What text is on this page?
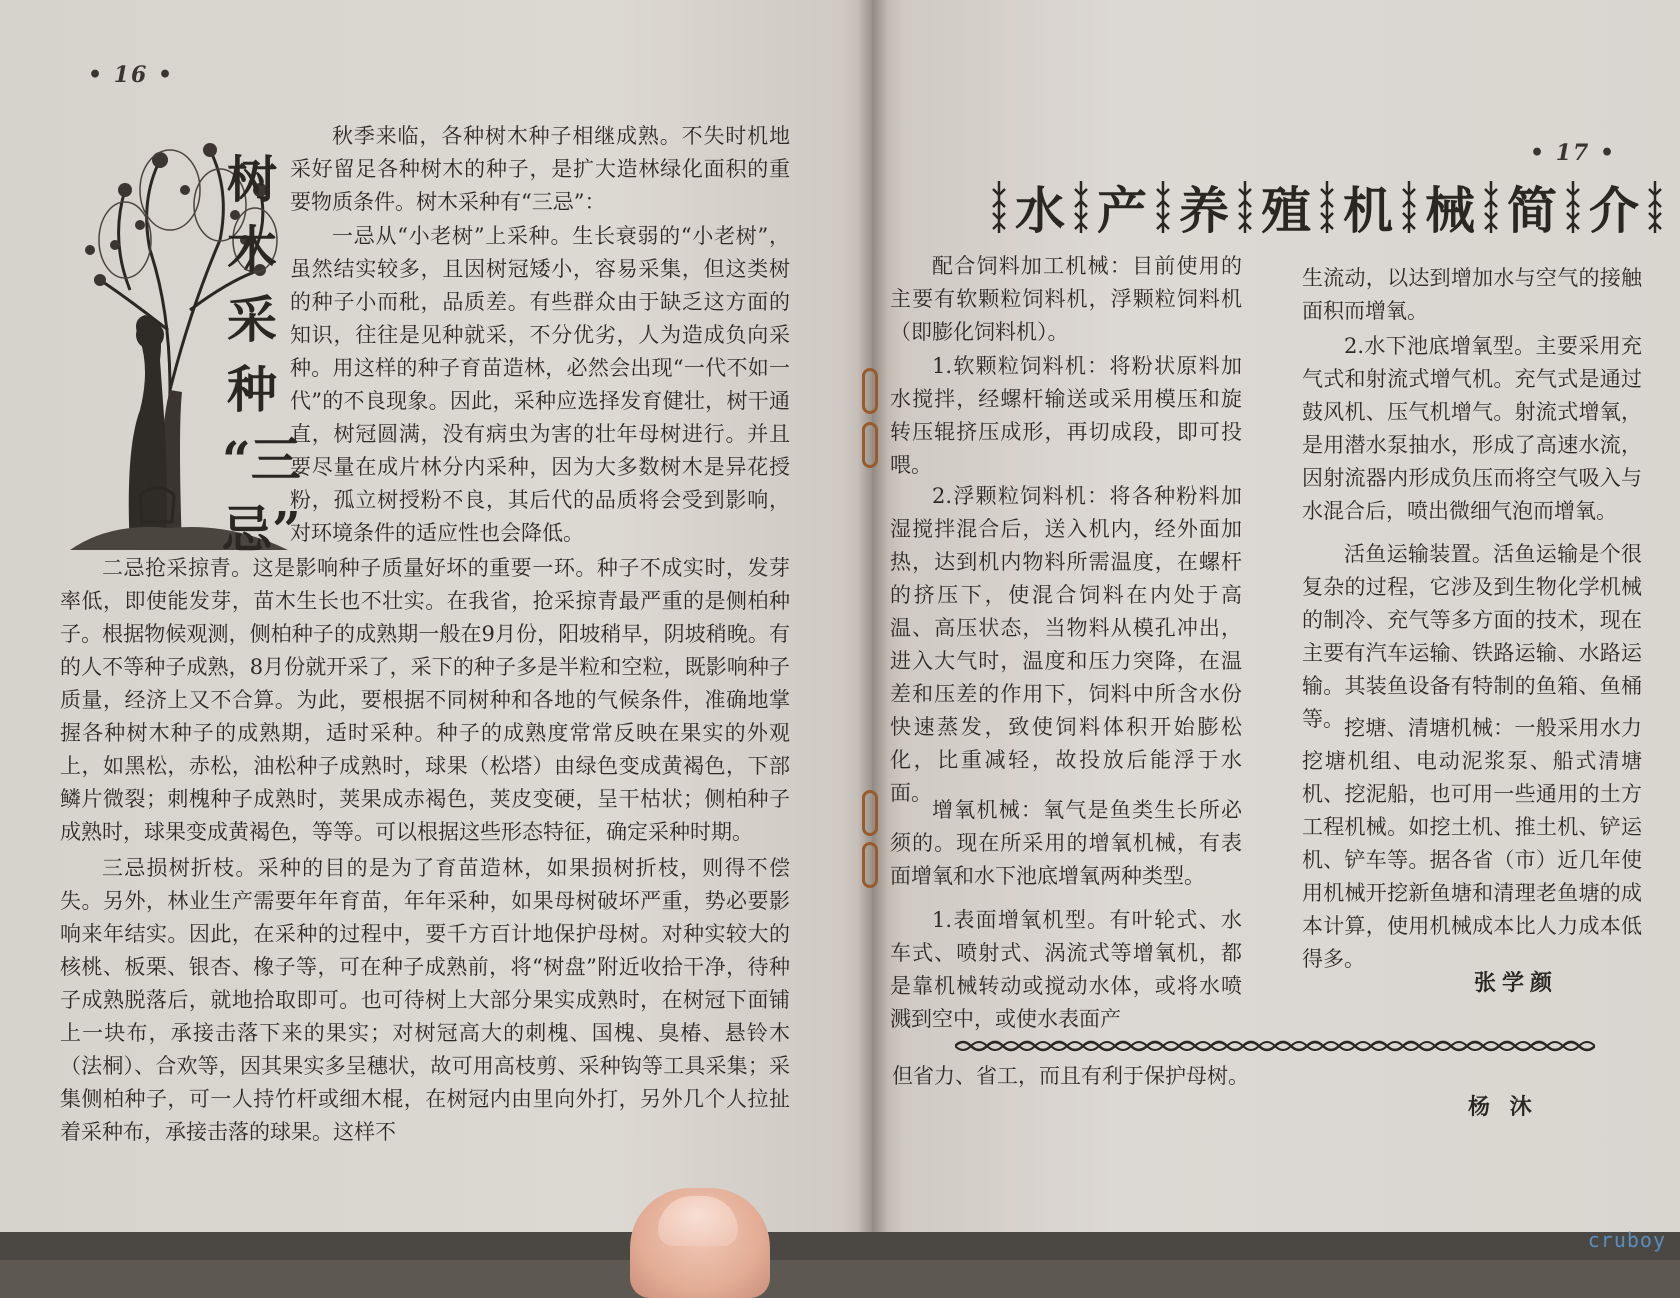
• 16 •
树
木
采
种
“三
忌”

秋季来临，各种树木种子相继成熟。不失时机地采好留足各种树木的种子，是扩大造林绿化面积的重要物质条件。树木采种有“三忌”：

一忌从“小老树”上采种。生长衰弱的“小老树”，虽然结实较多，且因树冠矮小，容易采集，但这类树的种子小而秕，品质差。有些群众由于缺乏这方面的知识，往往是见种就采，不分优劣，人为造成负向采种。用这样的种子育苗造林，必然会出现“一代不如一代”的不良现象。因此，采种应选择发育健壮，树干通直，树冠圆满，没有病虫为害的壮年母树进行。并且要尽量在成片林分内采种，因为大多数树木是异花授粉，孤立树授粉不良，其后代的品质将会受到影响，对环境条件的适应性也会降低。

二忌抢采掠青。这是影响种子质量好坏的重要一环。种子不成实时，发芽率低，即使能发芽，苗木生长也不壮实。在我省，抢采掠青最严重的是侧柏种子。根据物候观测，侧柏种子的成熟期一般在9月份，阳坡稍早，阴坡稍晚。有的人不等种子成熟，8月份就开采了，采下的种子多是半粒和空粒，既影响种子质量，经济上又不合算。为此，要根据不同树种和各地的气候条件，准确地掌握各种树木种子的成熟期，适时采种。种子的成熟度常常反映在果实的外观上，如黑松，赤松，油松种子成熟时，球果（松塔）由绿色变成黄褐色，下部鳞片微裂；刺槐种子成熟时，荚果成赤褐色，荚皮变硬，呈干枯状；侧柏种子成熟时，球果变成黄褐色，等等。可以根据这些形态特征，确定采种时期。

三忌损树折枝。采种的目的是为了育苗造林，如果损树折枝，则得不偿失。另外，林业生产需要年年育苗，年年采种，如果母树破坏严重，势必要影响来年结实。因此，在采种的过程中，要千方百计地保护母树。对种实较大的核桃、板栗、银杏、橡子等，可在种子成熟前，将“树盘”附近收拾干净，待种子成熟脱落后，就地拾取即可。也可待树上大部分果实成熟时，在树冠下面铺上一块布，承接击落下来的果实；对树冠高大的刺槐、国槐、臭椿、悬铃木（法桐）、合欢等，因其果实多呈穗状，故可用高枝剪、采种钩等工具采集；采集侧柏种子，可一人持竹杆或细木棍，在树冠内由里向外打，另外几个人拉扯着采种布，承接击落的球果。这样不

• 17 •

配合饲料加工机械：目前使用的主要有软颗粒饲料机，浮颗粒饲料机（即膨化饲料机）。

1.软颗粒饲料机：将粉状原料加水搅拌，经螺杆输送或采用模压和旋转压辊挤压成形，再切成段，即可投喂。

2.浮颗粒饲料机：将各种粉料加湿搅拌混合后，送入机内，经外面加热，达到机内物料所需温度，在螺杆的挤压下，使混合饲料在内处于高温、高压状态，当物料从模孔冲出，进入大气时，温度和压力突降，在温差和压差的作用下，饲料中所含水份快速蒸发，致使饲料体积开始膨松化，比重减轻，故投放后能浮于水面。

增氧机械：氧气是鱼类生长所必须的。现在所采用的增氧机械，有表面增氧和水下池底增氧两种类型。

1.表面增氧机型。有叶轮式、水车式、喷射式、涡流式等增氧机，都是靠机械转动或搅动水体，或将水喷溅到空中，或使水表面产

生流动，以达到增加水与空气的接触面积而增氧。

2.水下池底增氧型。主要采用充气式和射流式增气机。充气式是通过鼓风机、压气机增气。射流式增氧，是用潜水泵抽水，形成了高速水流，因射流器内形成负压而将空气吸入与水混合后，喷出微细气泡而增氧。

活鱼运输装置。活鱼运输是个很复杂的过程，它涉及到生物化学机械的制冷、充气等多方面的技术，现在主要有汽车运输、铁路运输、水路运输。其装鱼设备有特制的鱼箱、鱼桶等。 挖塘、清塘机械：一般采用水力挖塘机组、电动泥浆泵、船式清塘机、挖泥船，也可用一些通用的土方工程机械。如挖土机、推土机、铲运机、铲车等。据各省（市）近几年使用机械开挖新鱼塘和清理老鱼塘的成本计算，使用机械成本比人力成本低得多。

张学颜

但省力、省工，而且有利于保护母树。

杨 沐
水 产 养 殖 机 械 简 介
cruboy
